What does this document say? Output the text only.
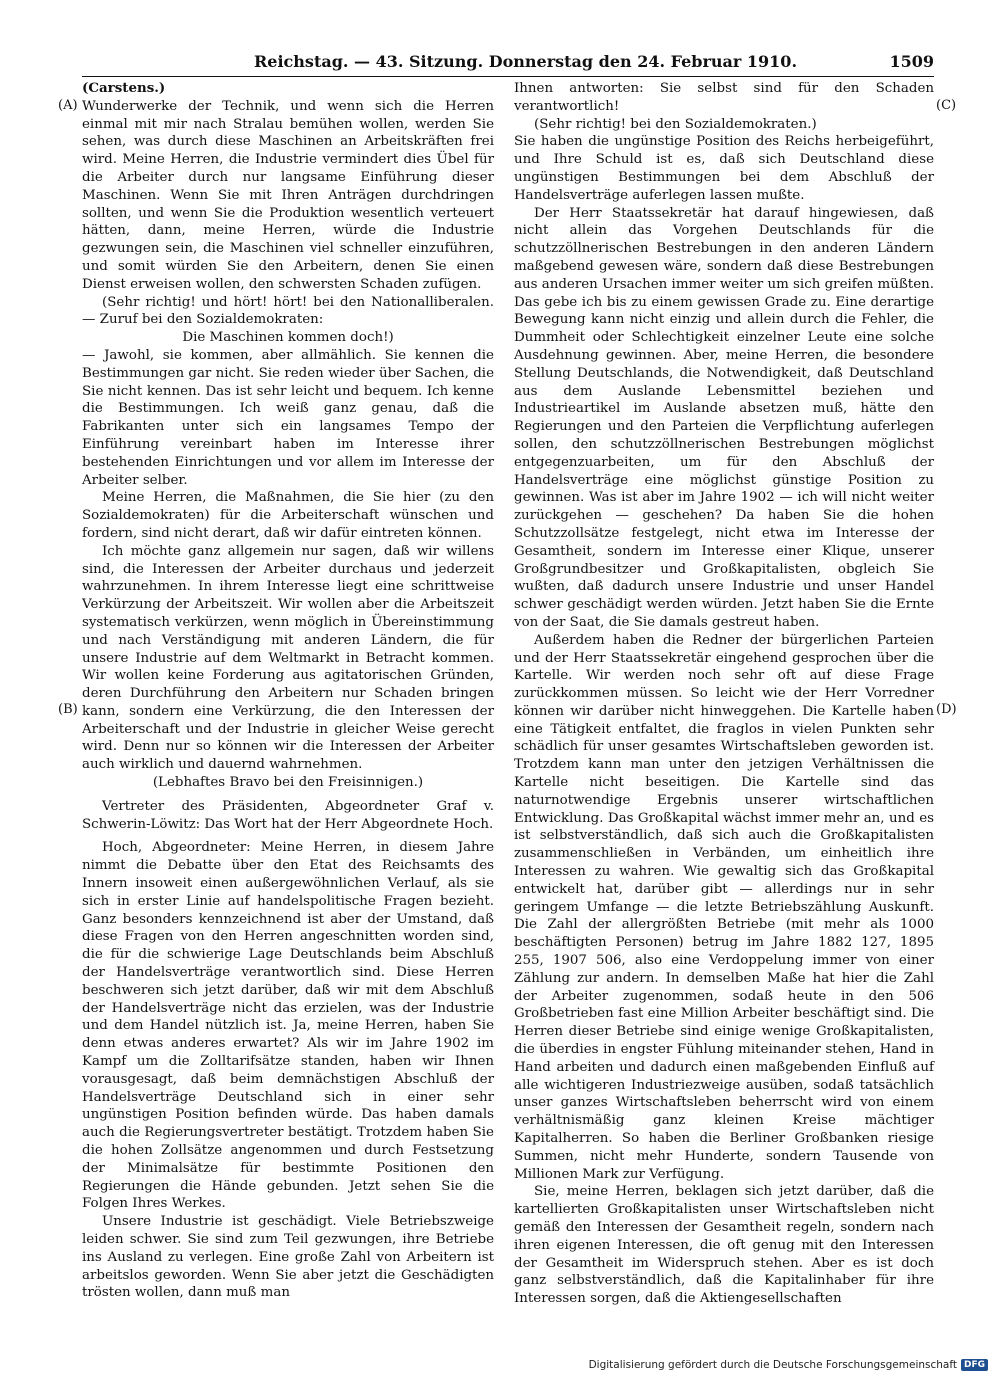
Reichstag. — 43. Sitzung. Donnerstag den 24. Februar 1910.	1509
(A)
(B)
(C)
(D)

(Carstens.)

Wunderwerke der Technik, und wenn sich die Herren einmal mit mir nach Stralau bemühen wollen, werden Sie sehen, was durch diese Maschinen an Arbeitskräften frei wird. Meine Herren, die Industrie vermindert dies Übel für die Arbeiter durch nur langsame Einführung dieser Maschinen. Wenn Sie mit Ihren Anträgen durchdringen sollten, und wenn Sie die Produktion wesentlich verteuert hätten, dann, meine Herren, würde die Industrie gezwungen sein, die Maschinen viel schneller einzuführen, und somit würden Sie den Arbeitern, denen Sie einen Dienst erweisen wollen, den schwersten Schaden zufügen.

(Sehr richtig! und hört! hört! bei den Nationalliberalen. — Zuruf bei den Sozialdemokraten:

Die Maschinen kommen doch!)

— Jawohl, sie kommen, aber allmählich. Sie kennen die Bestimmungen gar nicht. Sie reden wieder über Sachen, die Sie nicht kennen. Das ist sehr leicht und bequem. Ich kenne die Bestimmungen. Ich weiß ganz genau, daß die Fabrikanten unter sich ein langsames Tempo der Einführung vereinbart haben im Interesse ihrer bestehenden Einrichtungen und vor allem im Interesse der Arbeiter selber.

Meine Herren, die Maßnahmen, die Sie hier (zu den Sozialdemokraten) für die Arbeiterschaft wünschen und fordern, sind nicht derart, daß wir dafür eintreten können.

Ich möchte ganz allgemein nur sagen, daß wir willens sind, die Interessen der Arbeiter durchaus und jederzeit wahrzunehmen. In ihrem Interesse liegt eine schrittweise Verkürzung der Arbeitszeit. Wir wollen aber die Arbeitszeit systematisch verkürzen, wenn möglich in Übereinstimmung und nach Verständigung mit anderen Ländern, die für unsere Industrie auf dem Weltmarkt in Betracht kommen. Wir wollen keine Forderung aus agitatorischen Gründen, deren Durchführung den Arbeitern nur Schaden bringen kann, sondern eine Verkürzung, die den Interessen der Arbeiterschaft und der Industrie in gleicher Weise gerecht wird. Denn nur so können wir die Interessen der Arbeiter auch wirklich und dauernd wahrnehmen.

(Lebhaftes Bravo bei den Freisinnigen.)

Vertreter des Präsidenten, Abgeordneter Graf v. Schwerin-Löwitz: Das Wort hat der Herr Abgeordnete Hoch.

Hoch, Abgeordneter: Meine Herren, in diesem Jahre nimmt die Debatte über den Etat des Reichsamts des Innern insoweit einen außergewöhnlichen Verlauf, als sie sich in erster Linie auf handelspolitische Fragen bezieht. Ganz besonders kennzeichnend ist aber der Umstand, daß diese Fragen von den Herren angeschnitten worden sind, die für die schwierige Lage Deutschlands beim Abschluß der Handelsverträge verantwortlich sind. Diese Herren beschweren sich jetzt darüber, daß wir mit dem Abschluß der Handelsverträge nicht das erzielen, was der Industrie und dem Handel nützlich ist. Ja, meine Herren, haben Sie denn etwas anderes erwartet? Als wir im Jahre 1902 im Kampf um die Zolltarifsätze standen, haben wir Ihnen vorausgesagt, daß beim demnächstigen Abschluß der Handelsverträge Deutschland sich in einer sehr ungünstigen Position befinden würde. Das haben damals auch die Regierungsvertreter bestätigt. Trotzdem haben Sie die hohen Zollsätze angenommen und durch Festsetzung der Minimalsätze für bestimmte Positionen den Regierungen die Hände gebunden. Jetzt sehen Sie die Folgen Ihres Werkes.

Unsere Industrie ist geschädigt. Viele Betriebszweige leiden schwer. Sie sind zum Teil gezwungen, ihre Betriebe ins Ausland zu verlegen. Eine große Zahl von Arbeitern ist arbeitslos geworden. Wenn Sie aber jetzt die Geschädigten trösten wollen, dann muß man

Ihnen antworten: Sie selbst sind für den Schaden verantwortlich!

(Sehr richtig! bei den Sozialdemokraten.)

Sie haben die ungünstige Position des Reichs herbeigeführt, und Ihre Schuld ist es, daß sich Deutschland diese ungünstigen Bestimmungen bei dem Abschluß der Handelsverträge auferlegen lassen mußte.

Der Herr Staatssekretär hat darauf hingewiesen, daß nicht allein das Vorgehen Deutschlands für die schutzzöllnerischen Bestrebungen in den anderen Ländern maßgebend gewesen wäre, sondern daß diese Bestrebungen aus anderen Ursachen immer weiter um sich greifen müßten. Das gebe ich bis zu einem gewissen Grade zu. Eine derartige Bewegung kann nicht einzig und allein durch die Fehler, die Dummheit oder Schlechtigkeit einzelner Leute eine solche Ausdehnung gewinnen. Aber, meine Herren, die besondere Stellung Deutschlands, die Notwendigkeit, daß Deutschland aus dem Auslande Lebensmittel beziehen und Industrieartikel im Auslande absetzen muß, hätte den Regierungen und den Parteien die Verpflichtung auferlegen sollen, den schutzzöllnerischen Bestrebungen möglichst entgegenzuarbeiten, um für den Abschluß der Handelsverträge eine möglichst günstige Position zu gewinnen. Was ist aber im Jahre 1902 — ich will nicht weiter zurückgehen — geschehen? Da haben Sie die hohen Schutzzollsätze festgelegt, nicht etwa im Interesse der Gesamtheit, sondern im Interesse einer Klique, unserer Großgrundbesitzer und Großkapitalisten, obgleich Sie wußten, daß dadurch unsere Industrie und unser Handel schwer geschädigt werden würden. Jetzt haben Sie die Ernte von der Saat, die Sie damals gestreut haben.

Außerdem haben die Redner der bürgerlichen Parteien und der Herr Staatssekretär eingehend gesprochen über die Kartelle. Wir werden noch sehr oft auf diese Frage zurückkommen müssen. So leicht wie der Herr Vorredner können wir darüber nicht hinweggehen. Die Kartelle haben eine Tätigkeit entfaltet, die fraglos in vielen Punkten sehr schädlich für unser gesamtes Wirtschaftsleben geworden ist. Trotzdem kann man unter den jetzigen Verhältnissen die Kartelle nicht beseitigen. Die Kartelle sind das naturnotwendige Ergebnis unserer wirtschaftlichen Entwicklung. Das Großkapital wächst immer mehr an, und es ist selbstverständlich, daß sich auch die Großkapitalisten zusammenschließen in Verbänden, um einheitlich ihre Interessen zu wahren. Wie gewaltig sich das Großkapital entwickelt hat, darüber gibt — allerdings nur in sehr geringem Umfange — die letzte Betriebszählung Auskunft. Die Zahl der allergrößten Betriebe (mit mehr als 1000 beschäftigten Personen) betrug im Jahre 1882 127, 1895 255, 1907 506, also eine Verdoppelung immer von einer Zählung zur andern. In demselben Maße hat hier die Zahl der Arbeiter zugenommen, sodaß heute in den 506 Großbetrieben fast eine Million Arbeiter beschäftigt sind. Die Herren dieser Betriebe sind einige wenige Großkapitalisten, die überdies in engster Fühlung miteinander stehen, Hand in Hand arbeiten und dadurch einen maßgebenden Einfluß auf alle wichtigeren Industriezweige ausüben, sodaß tatsächlich unser ganzes Wirtschaftsleben beherrscht wird von einem verhältnismäßig ganz kleinen Kreise mächtiger Kapitalherren. So haben die Berliner Großbanken riesige Summen, nicht mehr Hunderte, sondern Tausende von Millionen Mark zur Verfügung.

Sie, meine Herren, beklagen sich jetzt darüber, daß die kartellierten Großkapitalisten unser Wirtschaftsleben nicht gemäß den Interessen der Gesamtheit regeln, sondern nach ihren eigenen Interessen, die oft genug mit den Interessen der Gesamtheit im Widerspruch stehen. Aber es ist doch ganz selbstverständlich, daß die Kapitalinhaber für ihre Interessen sorgen, daß die Aktiengesellschaften

Digitalisierung gefördert durch die Deutsche Forschungsgemeinschaft DFG
